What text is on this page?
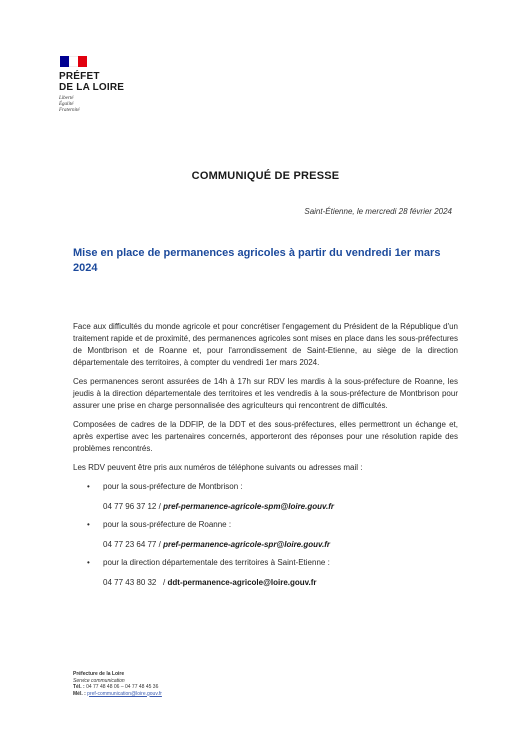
PRÉFET
DE LA LOIRE
Liberté
Égalité
Fraternité
COMMUNIQUÉ DE PRESSE
Saint-Étienne, le mercredi 28 février 2024
Mise en place de permanences agricoles à partir du vendredi 1er mars 2024

Face aux difficultés du monde agricole et pour concrétiser l'engagement du Président de la République d'un traitement rapide et de proximité, des permanences agricoles sont mises en place dans les sous-préfectures de Montbrison et de Roanne et, pour l'arrondissement de Saint-Etienne, au siège de la direction départementale des territoires, à compter du vendredi 1er mars 2024.

Ces permanences seront assurées de 14h à 17h sur RDV les mardis à la sous-préfecture de Roanne, les jeudis à la direction départementale des territoires et les vendredis à la sous-préfecture de Montbrison pour assurer une prise en charge personnalisée des agriculteurs qui rencontrent de difficultés.

Composées de cadres de la DDFIP, de la DDT et des sous-préfectures, elles permettront un échange et, après expertise avec les partenaires concernés, apporteront des réponses pour une résolution rapide des problèmes rencontrés.

Les RDV peuvent être pris aux numéros de téléphone suivants ou adresses mail :

•	pour la sous-préfecture de Montbrison :
04 77 96 37 12 / pref-permanence-agricole-spm@loire.gouv.fr
•	pour la sous-préfecture de Roanne :
04 77 23 64 77 / pref-permanence-agricole-spr@loire.gouv.fr
•	pour la direction départementale des territoires à Saint-Etienne :
04 77 43 80 32   / ddt-permanence-agricole@loire.gouv.fr
Préfecture de la Loire
Service communication
Tél. : 04 77 48 48 06 – 04 77 48 45 36
Mél. : pref-communication@loire.gouv.fr
